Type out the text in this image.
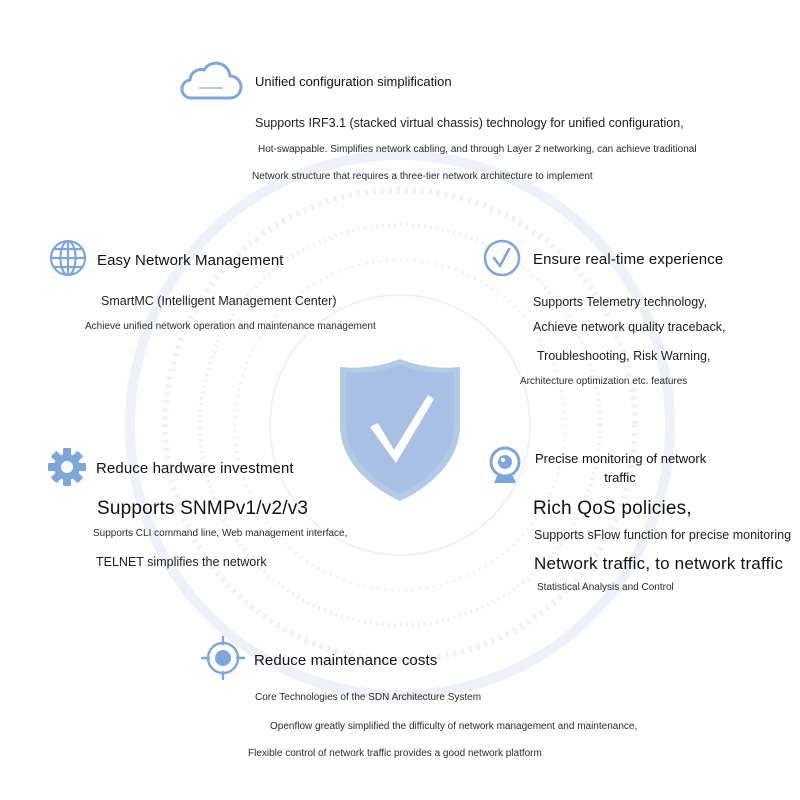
Unified configuration simplification
Supports IRF3.1 (stacked virtual chassis) technology for unified configuration,
Hot-swappable. Simplifies network cabling, and through Layer 2 networking, can achieve traditional
Network structure that requires a three-tier network architecture to implement
Easy Network Management
SmartMC (Intelligent Management Center)
Achieve unified network operation and maintenance management
Ensure real-time experience
Supports Telemetry technology,
Achieve network quality traceback,
Troubleshooting, Risk Warning,
Architecture optimization etc. features
Reduce hardware investment
Supports SNMPv1/v2/v3
Supports CLI command line, Web management interface,
TELNET simplifies the network
Precise monitoring of network
traffic
Rich QoS policies,
Supports sFlow function for precise monitoring
Network traffic, to network traffic
Statistical Analysis and Control
Reduce maintenance costs
Core Technologies of the SDN Architecture System
Openflow greatly simplified the difficulty of network management and maintenance,
Flexible control of network traffic provides a good network platform
